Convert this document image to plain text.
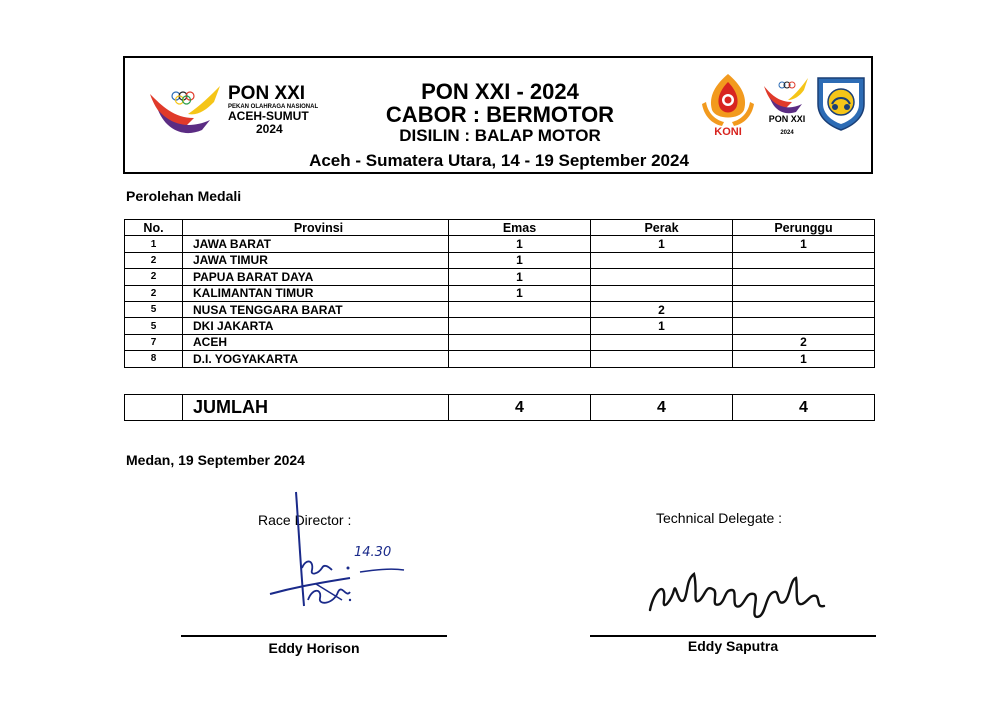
PON XXI
PEKAN OLAHRAGA NASIONAL
ACEH-SUMUT
2024
PON XXI - 2024
CABOR : BERMOTOR
DISILIN : BALAP MOTOR
Aceh - Sumatera Utara, 14 - 19 September 2024
KONI
PON XXI
2024
Perolehan Medali
No.	Provinsi	Emas	Perak	Perunggu
1	JAWA BARAT	1	1	1
2	JAWA TIMUR	1		
2	PAPUA BARAT DAYA	1		
2	KALIMANTAN TIMUR	1		
5	NUSA TENGGARA BARAT		2	
5	DKI JAKARTA		1	
7	ACEH			2
8	D.I. YOGYAKARTA			1
	JUMLAH	4	4	4
Medan, 19 September 2024
Race Director :	Technical Delegate :
14.30
Eddy Horison	Eddy Saputra
